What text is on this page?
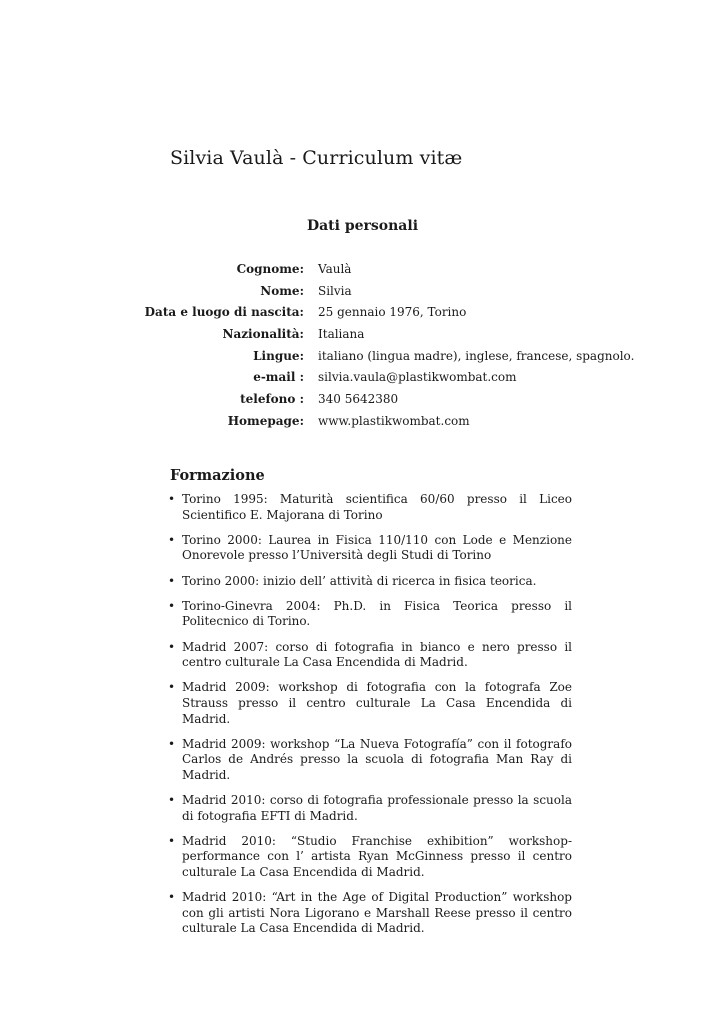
Silvia Vaulà - Curriculum vitæ
Dati personali
Cognome: Vaulà
Nome: Silvia
Data e luogo di nascita: 25 gennaio 1976, Torino
Nazionalità: Italiana
Lingue: italiano (lingua madre), inglese, francese, spagnolo.
e-mail : silvia.vaula@plastikwombat.com
telefono : 340 5642380
Homepage: www.plastikwombat.com
Formazione
• Torino 1995: Maturità scientifica 60/60 presso il Liceo Scientifico E. Majorana di Torino
• Torino 2000: Laurea in Fisica 110/110 con Lode e Menzione Onorevole presso l’Università degli Studi di Torino
• Torino 2000: inizio dell’ attività di ricerca in fisica teorica.
• Torino-Ginevra 2004: Ph.D. in Fisica Teorica presso il Politecnico di Torino.
• Madrid 2007: corso di fotografia in bianco e nero presso il centro culturale La Casa Encendida di Madrid.
• Madrid 2009: workshop di fotografia con la fotografa Zoe Strauss presso il centro culturale La Casa Encendida di Madrid.
• Madrid 2009: workshop “La Nueva Fotografía” con il fotografo Carlos de Andrés presso la scuola di fotografia Man Ray di Madrid.
• Madrid 2010: corso di fotografia professionale presso la scuola di fotografia EFTI di Madrid.
• Madrid 2010: “Studio Franchise exhibition” workshop-performance con l’ artista Ryan McGinness presso il centro culturale La Casa Encendida di Madrid.
• Madrid 2010: “Art in the Age of Digital Production” workshop con gli artisti Nora Ligorano e Marshall Reese presso il centro culturale La Casa Encendida di Madrid.
